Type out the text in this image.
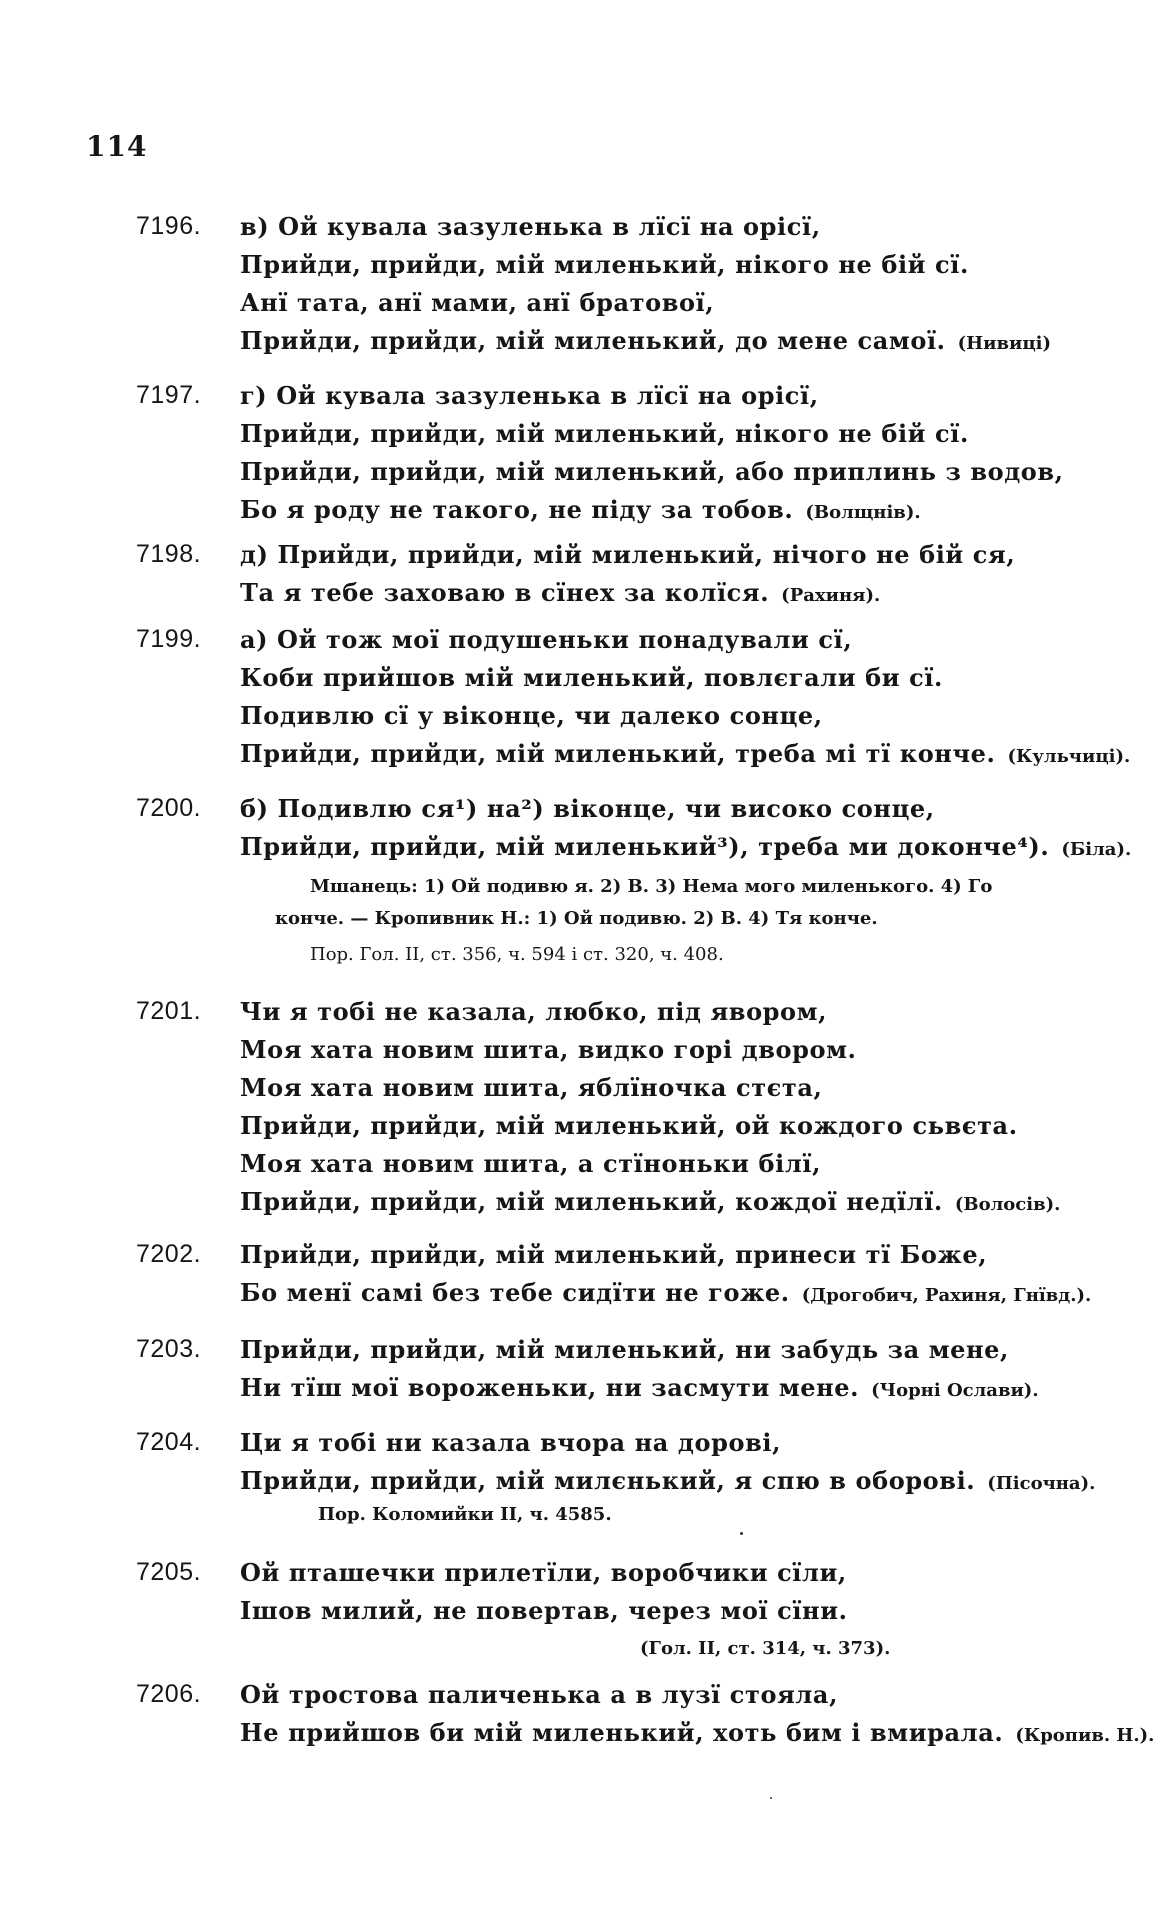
114
7196. в) Ой кувала зазуленька в лїсї на орісї,
Прийди, прийди, мій миленький, нікого не бій сї.
Анї тата, анї мами, анї братової,
Прийди, прийди, мій миленький, до мене самої. (Нивиці)
7197. г) Ой кувала зазуленька в лїсї на орісї,
Прийди, прийди, мій миленький, нікого не бій сї.
Прийди, прийди, мій миленький, або приплинь з водов,
Бо я роду не такого, не піду за тобов. (Волщнів).
7198. д) Прийди, прийди, мій миленький, нічого не бій ся,
Та я тебе заховаю в сїнех за колїся. (Рахиня).
7199. а) Ой тож мої подушеньки понадували сї,
Коби прийшов мій миленький, повлєгали би сї.
Подивлю сї у віконце, чи далеко сонце,
Прийди, прийди, мій миленький, треба мі тї конче. (Кульчиці).
7200. б) Подивлю ся¹) на²) віконце, чи високо сонце,
Прийди, прийди, мій миленький³), треба ми доконче⁴). (Біла).
Мшанець: 1) Ой подивю я. 2) В. 3) Нема мого миленького. 4) Го
конче. — Кропивник Н.: 1) Ой подивю. 2) В. 4) Тя конче.
Пор. Гол. II, ст. 356, ч. 594 і ст. 320, ч. 408.
7201. Чи я тобі не казала, любко, під явором,
Моя хата новим шита, видко горі двором.
Моя хата новим шита, яблїночка стєта,
Прийди, прийди, мій миленький, ой кождого сьвєта.
Моя хата новим шита, а стїноньки білї,
Прийди, прийди, мій миленький, кождої недїлї. (Волосів).
7202. Прийди, прийди, мій миленький, принеси тї Боже,
Бо менї самі без тебе сидїти не гоже. (Дрогобич, Рахиня, Гнївд.).
7203. Прийди, прийди, мій миленький, ни забудь за мене,
Ни тїш мої вороженьки, ни засмути мене. (Чорні Ослави).
7204. Ци я тобі ни казала вчора на дорові,
Прийди, прийди, мій милєнький, я спю в оборові. (Пісочна).
Пор. Коломийки II, ч. 4585.
7205. Ой пташечки прилетїли, воробчики сїли,
Ішов милий, не повертав, через мої сїни.
(Гол. II, ст. 314, ч. 373).
7206. Ой тростова паличенька а в лузї стояла,
Не прийшов би мій миленький, хоть бим і вмирала. (Кропив. Н.).
